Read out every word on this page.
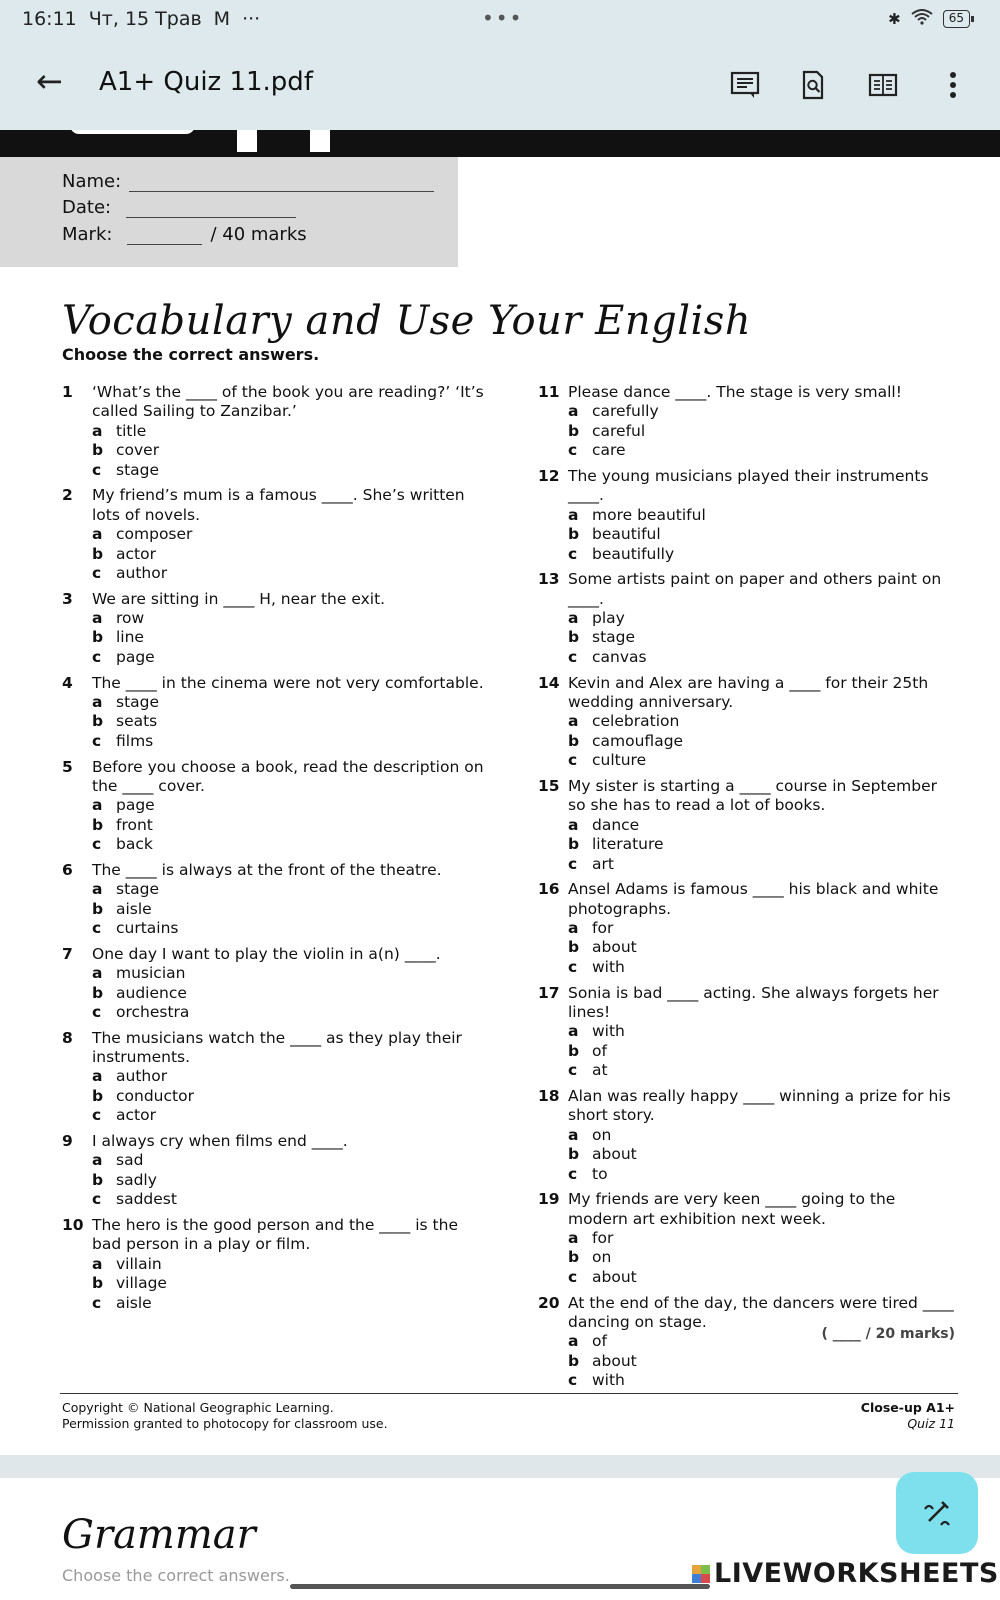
16:11 Чт, 15 Трав M ···	•••	✱	65
← A1+ Quiz 11.pdf
Name:
Date:
Mark:	/ 40 marks
Vocabulary and Use Your English
Choose the correct answers.
1 ‘What’s the ____ of the book you are reading?’ ‘It’s called Sailing to Zanzibar.’
a title
b cover
c stage
2 My friend’s mum is a famous ____. She’s written lots of novels.
a composer
b actor
c author
3 We are sitting in ____ H, near the exit.
a row
b line
c page
4 The ____ in the cinema were not very comfortable.
a stage
b seats
c films
5 Before you choose a book, read the description on the ____ cover.
a page
b front
c back
6 The ____ is always at the front of the theatre.
a stage
b aisle
c curtains
7 One day I want to play the violin in a(n) ____.
a musician
b audience
c orchestra
8 The musicians watch the ____ as they play their instruments.
a author
b conductor
c actor
9 I always cry when films end ____.
a sad
b sadly
c saddest
10 The hero is the good person and the ____ is the bad person in a play or film.
a villain
b village
c aisle
11 Please dance ____. The stage is very small!
a carefully
b careful
c care
12 The young musicians played their instruments ____.
a more beautiful
b beautiful
c beautifully
13 Some artists paint on paper and others paint on ____.
a play
b stage
c canvas
14 Kevin and Alex are having a ____ for their 25th wedding anniversary.
a celebration
b camouflage
c culture
15 My sister is starting a ____ course in September so she has to read a lot of books.
a dance
b literature
c art
16 Ansel Adams is famous ____ his black and white photographs.
a for
b about
c with
17 Sonia is bad ____ acting. She always forgets her lines!
a with
b of
c at
18 Alan was really happy ____ winning a prize for his short story.
a on
b about
c to
19 My friends are very keen ____ going to the modern art exhibition next week.
a for
b on
c about
20 At the end of the day, the dancers were tired ____ dancing on stage.
a of
b about
c with
( ____ / 20 marks)
Copyright © National Geographic Learning.
Permission granted to photocopy for classroom use.
Close-up A1+
Quiz 11
Grammar
Choose the correct answers.	LIVEWORKSHEETS
